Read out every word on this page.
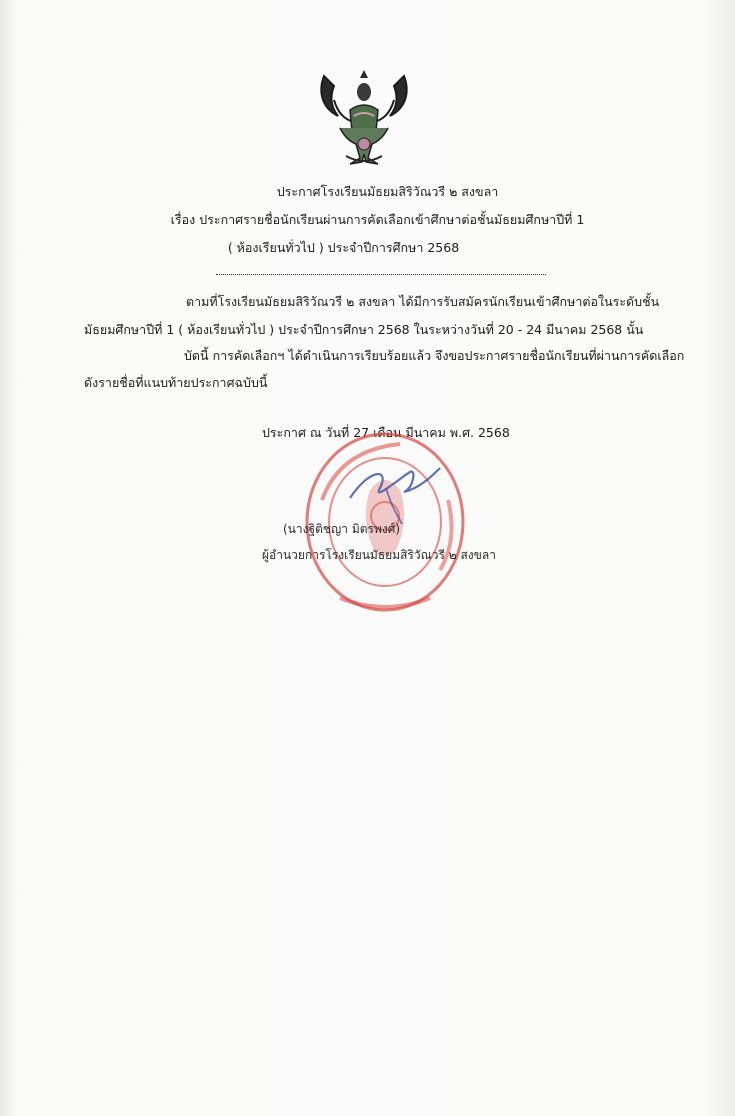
ประกาศโรงเรียนมัธยมสิริวัณวรี ๒ สงขลา
เรื่อง ประกาศรายชื่อนักเรียนผ่านการคัดเลือกเข้าศึกษาต่อชั้นมัธยมศึกษาปีที่ 1
( ห้องเรียนทั่วไป ) ประจำปีการศึกษา 2568
ตามที่โรงเรียนมัธยมสิริวัณวรี ๒ สงขลา ได้มีการรับสมัครนักเรียนเข้าศึกษาต่อในระดับชั้น
มัธยมศึกษาปีที่ 1 ( ห้องเรียนทั่วไป ) ประจำปีการศึกษา 2568 ในระหว่างวันที่ 20 - 24 มีนาคม 2568 นั้น
บัดนี้ การคัดเลือกฯ ได้ดำเนินการเรียบร้อยแล้ว จึงขอประกาศรายชื่อนักเรียนที่ผ่านการคัดเลือก
ดังรายชื่อที่แนบท้ายประกาศฉบับนี้
ประกาศ ณ วันที่ 27 เดือน มีนาคม พ.ศ. 2568
(นางฐิติชญา มิตรพงศ์)
ผู้อำนวยการโรงเรียนมัธยมสิริวัณวรี ๒ สงขลา
